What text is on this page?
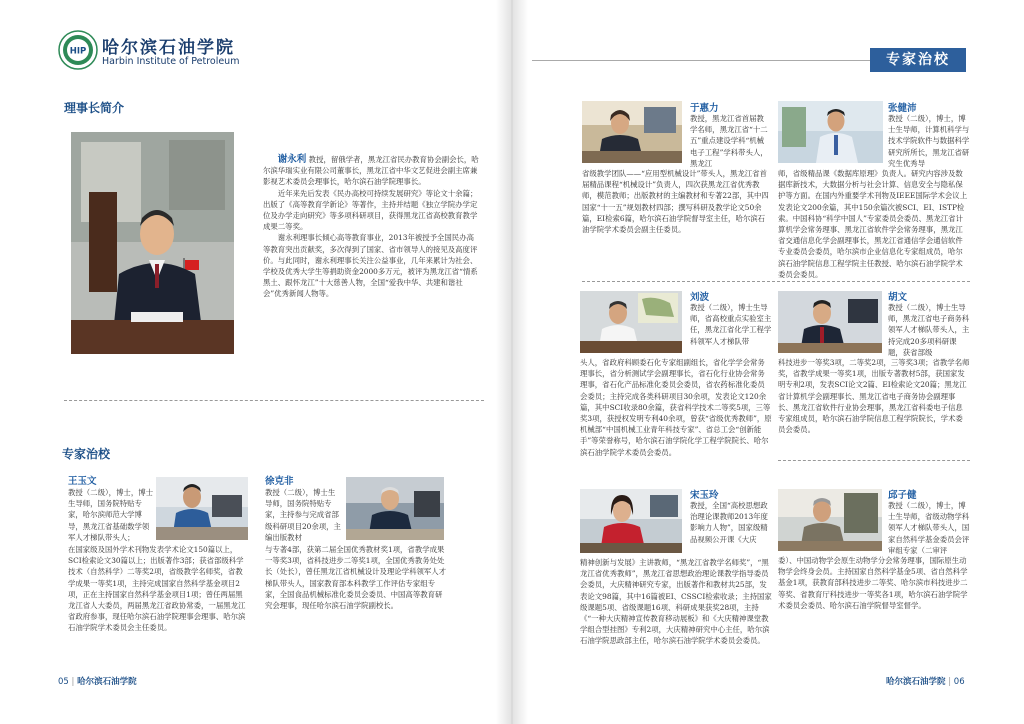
HIP 哈尔滨石油学院
Harbin Institute of Petroleum	专家治校
理事长简介

谢永利 教授，留俄学者，黑龙江省民办教育协会副会长，哈尔滨华瑞实业有限公司董事长，黑龙江省中华文艺促进会副主席兼影视艺术委员会理事长，哈尔滨石油学院理事长。

近年来先后发表《民办高校可持续发展研究》等论文十余篇；出版了《高等教育学新论》等著作，主持并结题《独立学院办学定位及办学走向研究》等多项科研项目，获得黑龙江省高校教育教学成果二等奖。

谢永利理事长倾心高等教育事业，2013年被授予全国民办高等教育突出贡献奖，多次得到了国家、省市领导人的接见及高度评价。与此同时，谢永利理事长关注公益事业，几年来累计为社会、学校及优秀大学生等捐助资金2000多万元，被评为黑龙江省“情系黑土、跟怀龙江”十大慈善人物，全国“爱我中华、共建和谐社会”优秀新闻人物等。

专家治校
王玉文

教授（二级），博士，博士生导师，国务院特贴专家，哈尔滨师范大学博导，黑龙江省基础数学领军人才梯队带头人；

在国家级及国外学术刊物发表学术论文150篇以上，SCI检索论文30篇以上；出版著作3部；获省部级科学技术（自然科学）二等奖2项，省级教学名师奖，省教学成果一等奖1项，主持完成国家自然科学基金项目2项，正在主持国家自然科学基金项目1项；曾任两届黑龙江省人大委员，两届黑龙江省政协常委，一届黑龙江省政府参事，现任哈尔滨石油学院理事会理事、哈尔滨石油学院学术委员会主任委员。

徐克非

教授（二级），博士生导师，国务院特贴专家，主持参与完成省部级科研项目20余项，主编出版教材

与专著4部，获第二届全国优秀教材奖1项，省教学成果一等奖3项，省科技进步二等奖1项，全国优秀教务处处长（处长），曾任黑龙江省机械设计及理论学科领军人才梯队带头人，国家教育部本科教学工作评估专家组专家，全国食品机械标准化委员会委员、中国高等教育研究会理事，现任哈尔滨石油学院副校长。

于惠力

教授，黑龙江省首届教学名师，黑龙江省“十二五”重点建设学科“机械电子工程”学科带头人，黑龙江

省级教学团队——“应用型机械设计”带头人，黑龙江省首届精品课程“机械设计”负责人，四次获黑龙江省优秀教师，模范教师；出版教材的主编教材和专著22部，其中四国家“十一五”规划教材四部；撰写科研及教学论文50余篇，EI检索6篇，哈尔滨石油学院督导室主任，哈尔滨石油学院学术委员会副主任委员。

张健沛

教授（二级），博士，博士生导师，计算机科学与技术学院软件与数据科学研究所所长，黑龙江省研究生优秀导

师，省级精品课《数据库原理》负责人。研究内容涉及数据库新技术，大数据分析与社会计算、信息安全与隐私保护等方面。在国内外重要学术刊物及IEEE国际学术会议上发表论文200余篇，其中150余篇次被SCI、EI、ISTP检索。中国科协“科学中国人”专家委员会委员、黑龙江省计算机学会常务理事、黑龙江省软件学会常务理事，黑龙江省交通信息化学会副理事长，黑龙江省通信学会通信软件专业委员会委员，哈尔滨市企业信息化专家组成员，哈尔滨石油学院信息工程学院主任教授、哈尔滨石油学院学术委员会委员。

刘波

教授（二级），博士生导师，省高校重点实验室主任，黑龙江省化学工程学科领军人才梯队带

头人，省政府科顾委石化专家组副组长，省化学学会常务理事长，省分析测试学会副理事长，省石化行业协会常务理事，省石化产品标准化委员会委员，省农药标准化委员会委员；主持完成各类科研项目30余项，发表论文120余篇，其中SCI收录80余篇，获省科学技术二等奖5项，三等奖3项，获授权发明专利40余项，曾获“省级优秀教师”，原机械部“中国机械工业青年科技专家”、省总工会“创新能手”等荣誉称号，哈尔滨石油学院化学工程学院院长、哈尔滨石油学院学术委员会委员。

胡文

教授（二级），博士生导师，黑龙江省电子商务科领军人才梯队带头人，主持完成20多项科研课题，获省部级

科技进步一等奖3项，二等奖2项，三等奖3项；省教学名师奖，省教学成果一等奖1项，出版专著教材5部，获国家发明专利2项，发表SCI论文2篇、EI检索论文20篇；黑龙江省计算机学会副理事长、黑龙江省电子商务协会副理事长、黑龙江省软件行业协会理事，黑龙江省科委电子信息专家组成员，哈尔滨石油学院信息工程学院院长，学术委员会委员。

宋玉玲

教授，全国“高校思想政治理论课教师2013年度影响力人物”，国家级精品视频公开课《大庆

精神创新与发展》主讲教师，“黑龙江省教学名师奖”，“黑龙江省优秀教师”，黑龙江省思想政治理论课教学指导委员会委员，大庆精神研究专家，出版著作和教材共25部，发表论文98篇，其中16篇被EI、CSSCI检索收录；主持国家级课题5项、省级课题16项、科研成果获奖28项，主持《“一种大庆精神宣传教育移动展板》和《大庆精神课堂教学组合型挂图》专利2项，大庆精神研究中心主任，哈尔滨石油学院思政部主任，哈尔滨石油学院学术委员会委员。

邱子健

教授（二级），博士，博士生导师，省级动物学科领军人才梯队带头人，国家自然科学基金委员会评审组专家（二审评

委）、中国动物学会原生动物学分会常务理事，国际原生动物学会终身会员。主持国家自然科学基金5项、省自然科学基金1项，获教育部科技进步二等奖、哈尔滨市科技进步二等奖、省教育厅科技进步一等奖各1项，哈尔滨石油学院学术委员会委员、哈尔滨石油学院督导室督学。

05 | 哈尔滨石油学院	哈尔滨石油学院 | 06
